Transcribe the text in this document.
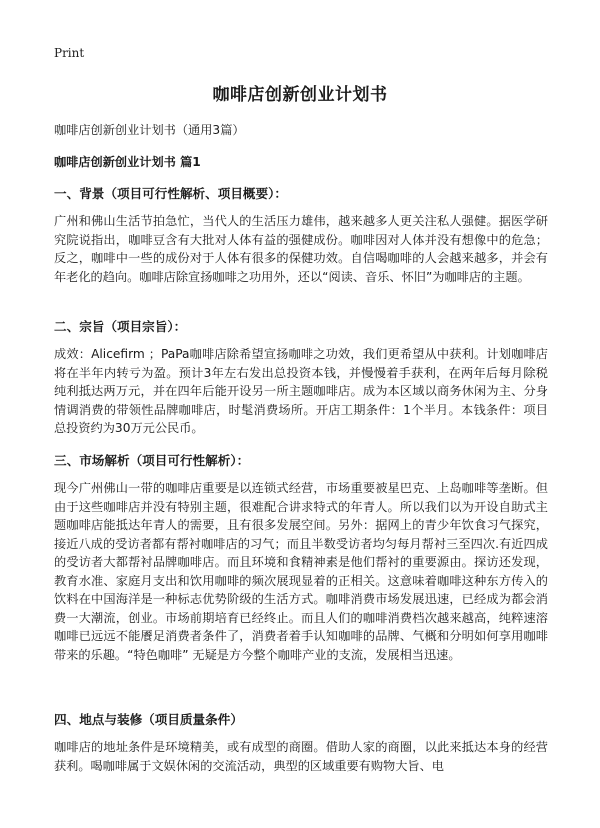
Print
咖啡店创新创业计划书
咖啡店创新创业计划书（通用3篇）
咖啡店创新创业计划书 篇1
一、背景（项目可行性解析、项目概要）：

广州和佛山生活节拍急忙，当代人的生活压力雄伟，越来越多人更关注私人强健。据医学研究院说指出，咖啡豆含有大批对人体有益的强健成份。咖啡因对人体并没有想像中的危急；反之，咖啡中一些的成份对于人体有很多的保健功效。自信喝咖啡的人会越来越多，并会有年老化的趋向。咖啡店除宣扬咖啡之功用外，还以“阅读、音乐、怀旧”为咖啡店的主题。

二、宗旨（项目宗旨）：

成效：Alicefirm ；PaPa咖啡店除希望宣扬咖啡之功效，我们更希望从中获利。计划咖啡店将在半年内转亏为盈。预计3年左右发出总投资本钱，并慢慢着手获利，在两年后每月除税纯利抵达两万元，并在四年后能开设另一所主题咖啡店。成为本区域以商务休闲为主、分身情调消费的带领性品牌咖啡店，时髦消费场所。开店工期条件：1个半月。本钱条件：项目总投资约为30万元公民币。

三、市场解析（项目可行性解析）：

现今广州佛山一带的咖啡店重要是以连锁式经营，市场重要被星巴克、上岛咖啡等垄断。但由于这些咖啡店并没有特别主题，很难配合讲求特式的年青人。所以我们以为开设自助式主题咖啡店能抵达年青人的需要，且有很多发展空间。另外：据网上的青少年饮食习气探究，接近八成的受访者都有帮衬咖啡店的习气；而且半数受访者均匀每月帮衬三至四次.有近四成的受访者大都帮衬品牌咖啡店。而且环境和食精神素是他们帮衬的重要源由。探访还发现，教育水准、家庭月支出和饮用咖啡的频次展现显着的正相关。这意味着咖啡这种东方传入的饮料在中国海洋是一种标志优势阶级的生活方式。咖啡消费市场发展迅速，已经成为都会消费一大潮流，创业。市场前期培育已经终止。而且人们的咖啡消费档次越来越高，纯粹速溶咖啡已远远不能餍足消费者条件了，消费者着手认知咖啡的品牌、气概和分明如何享用咖啡带来的乐趣。“特色咖啡” 无疑是方今整个咖啡产业的支流，发展相当迅速。

四、地点与装修（项目质量条件）

咖啡店的地址条件是环境精美，或有成型的商圈。借助人家的商圈，以此来抵达本身的经营获利。喝咖啡属于文娱休闲的交流活动，典型的区域重要有购物大旨、电
